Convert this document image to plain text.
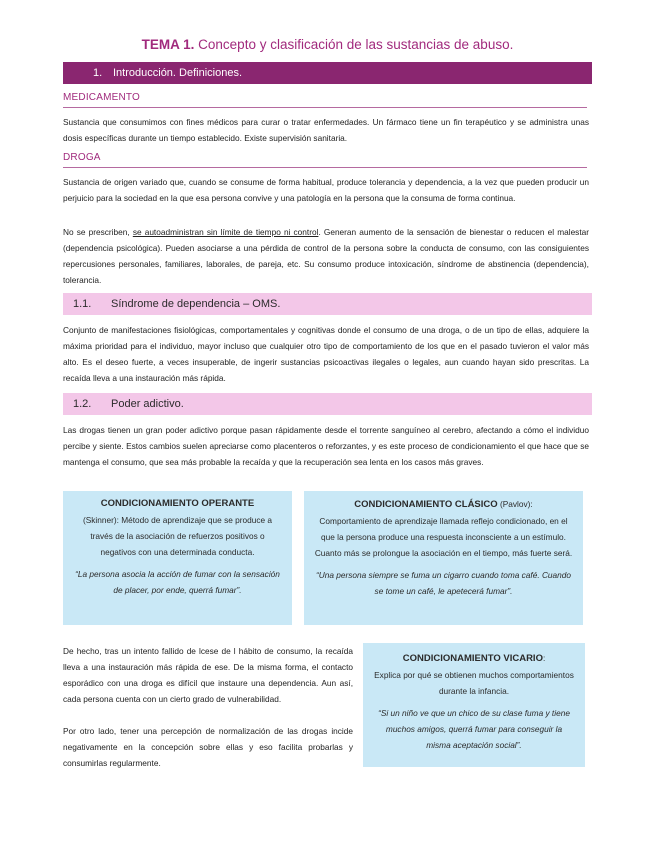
TEMA 1. Concepto y clasificación de las sustancias de abuso.
1. Introducción. Definiciones.
MEDICAMENTO

Sustancia que consumimos con fines médicos para curar o tratar enfermedades. Un fármaco tiene un fin terapéutico y se administra unas dosis específicas durante un tiempo establecido. Existe supervisión sanitaria.

DROGA

Sustancia de origen variado que, cuando se consume de forma habitual, produce tolerancia y dependencia, a la vez que pueden producir un perjuicio para la sociedad en la que esa persona convive y una patología en la persona que la consuma de forma continua.

No se prescriben, se autoadministran sin límite de tiempo ni control. Generan aumento de la sensación de bienestar o reducen el malestar (dependencia psicológica). Pueden asociarse a una pérdida de control de la persona sobre la conducta de consumo, con las consiguientes repercusiones personales, familiares, laborales, de pareja, etc. Su consumo produce intoxicación, síndrome de abstinencia (dependencia), tolerancia.

1.1. Síndrome de dependencia – OMS.

Conjunto de manifestaciones fisiológicas, comportamentales y cognitivas donde el consumo de una droga, o de un tipo de ellas, adquiere la máxima prioridad para el individuo, mayor incluso que cualquier otro tipo de comportamiento de los que en el pasado tuvieron el valor más alto. Es el deseo fuerte, a veces insuperable, de ingerir sustancias psicoactivas ilegales o legales, aun cuando hayan sido prescritas. La recaída lleva a una instauración más rápida.

1.2. Poder adictivo.

Las drogas tienen un gran poder adictivo porque pasan rápidamente desde el torrente sanguíneo al cerebro, afectando a cómo el individuo percibe y siente. Estos cambios suelen apreciarse como placenteros o reforzantes, y es este proceso de condicionamiento el que hace que se mantenga el consumo, que sea más probable la recaída y que la recuperación sea lenta en los casos más graves.

CONDICIONAMIENTO OPERANTE
(Skinner): Método de aprendizaje que se produce a través de la asociación de refuerzos positivos o negativos con una determinada conducta.
“La persona asocia la acción de fumar con la sensación de placer, por ende, querrá fumar”.
CONDICIONAMIENTO CLÁSICO (Pavlov):
Comportamiento de aprendizaje llamada reflejo condicionado, en el que la persona produce una respuesta inconsciente a un estímulo. Cuanto más se prolongue la asociación en el tiempo, más fuerte será.
“Una persona siempre se fuma un cigarro cuando toma café. Cuando se tome un café, le apetecerá fumar”.

De hecho, tras un intento fallido de lcese de l hábito de consumo, la recaída lleva a una instauración más rápida de ese. De la misma forma, el contacto esporádico con una droga es difícil que instaure una dependencia. Aun así, cada persona cuenta con un cierto grado de vulnerabilidad.

Por otro lado, tener una percepción de normalización de las drogas incide negativamente en la concepción sobre ellas y eso facilita probarlas y consumirlas regularmente.

CONDICIONAMIENTO VICARIO:
Explica por qué se obtienen muchos comportamientos durante la infancia.
“Si un niño ve que un chico de su clase fuma y tiene muchos amigos, querrá fumar para conseguir la misma aceptación social”.
